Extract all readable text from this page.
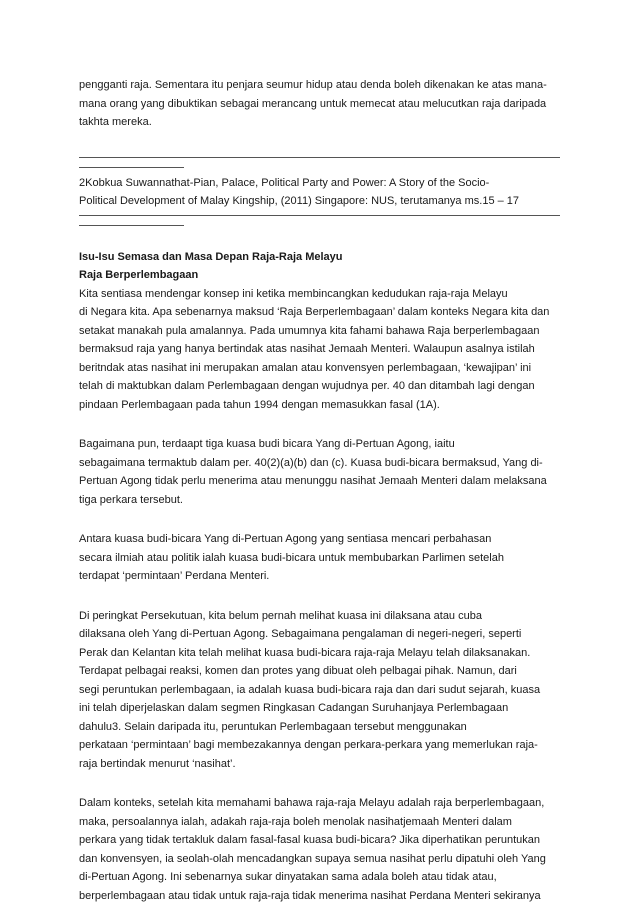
pengganti raja. Sementara itu penjara seumur hidup atau denda boleh dikenakan ke atas mana-
mana orang yang dibuktikan sebagai merancang untuk memecat atau melucutkan raja daripada
takhta mereka.
2Kobkua Suwannathat-Pian, Palace, Political Party and Power: A Story of the Socio-
Political Development of Malay Kingship, (2011) Singapore: NUS, terutamanya ms.15 – 17
Isu-Isu Semasa dan Masa Depan Raja-Raja Melayu
Raja Berperlembagaan
Kita sentiasa mendengar konsep ini ketika membincangkan kedudukan raja-raja Melayu
di Negara kita. Apa sebenarnya maksud ‘Raja Berperlembagaan’ dalam konteks Negara kita dan
setakat manakah pula amalannya. Pada umumnya kita fahami bahawa Raja berperlembagaan
bermaksud raja yang hanya bertindak atas nasihat Jemaah Menteri. Walaupun asalnya istilah
beritndak atas nasihat ini merupakan amalan atau konvensyen perlembagaan, ‘kewajipan’ ini
telah di maktubkan dalam Perlembagaan dengan wujudnya per. 40 dan ditambah lagi dengan
pindaan Perlembagaan pada tahun 1994 dengan memasukkan fasal (1A).
Bagaimana pun, terdaapt tiga kuasa budi bicara Yang di-Pertuan Agong, iaitu
sebagaimana termaktub dalam per. 40(2)(a)(b) dan (c). Kuasa budi-bicara bermaksud, Yang di-
Pertuan Agong tidak perlu menerima atau menunggu nasihat Jemaah Menteri dalam melaksana
tiga perkara tersebut.
Antara kuasa budi-bicara Yang di-Pertuan Agong yang sentiasa mencari perbahasan
secara ilmiah atau politik ialah kuasa budi-bicara untuk membubarkan Parlimen setelah
terdapat ‘permintaan’ Perdana Menteri.
Di peringkat Persekutuan, kita belum pernah melihat kuasa ini dilaksana atau cuba
dilaksana oleh Yang di-Pertuan Agong. Sebagaimana pengalaman di negeri-negeri, seperti
Perak dan Kelantan kita telah melihat kuasa budi-bicara raja-raja Melayu telah dilaksanakan.
Terdapat pelbagai reaksi, komen dan protes yang dibuat oleh pelbagai pihak. Namun, dari
segi peruntukan perlembagaan, ia adalah kuasa budi-bicara raja dan dari sudut sejarah, kuasa
ini telah diperjelaskan dalam segmen Ringkasan Cadangan Suruhanjaya Perlembagaan
dahulu3. Selain daripada itu, peruntukan Perlembagaan tersebut menggunakan
perkataan ‘permintaan’ bagi membezakannya dengan perkara-perkara yang memerlukan raja-
raja bertindak menurut ‘nasihat’.
Dalam konteks, setelah kita memahami bahawa raja-raja Melayu adalah raja berperlembagaan,
maka, persoalannya ialah, adakah raja-raja boleh menolak nasihatjemaah Menteri dalam
perkara yang tidak tertakluk dalam fasal-fasal kuasa budi-bicara? Jika diperhatikan peruntukan
dan konvensyen, ia seolah-olah mencadangkan supaya semua nasihat perlu dipatuhi oleh Yang
di-Pertuan Agong. Ini sebenarnya sukar dinyatakan sama adala boleh atau tidak atau,
berperlembagaan atau tidak untuk raja-raja tidak menerima nasihat Perdana Menteri sekiranya
